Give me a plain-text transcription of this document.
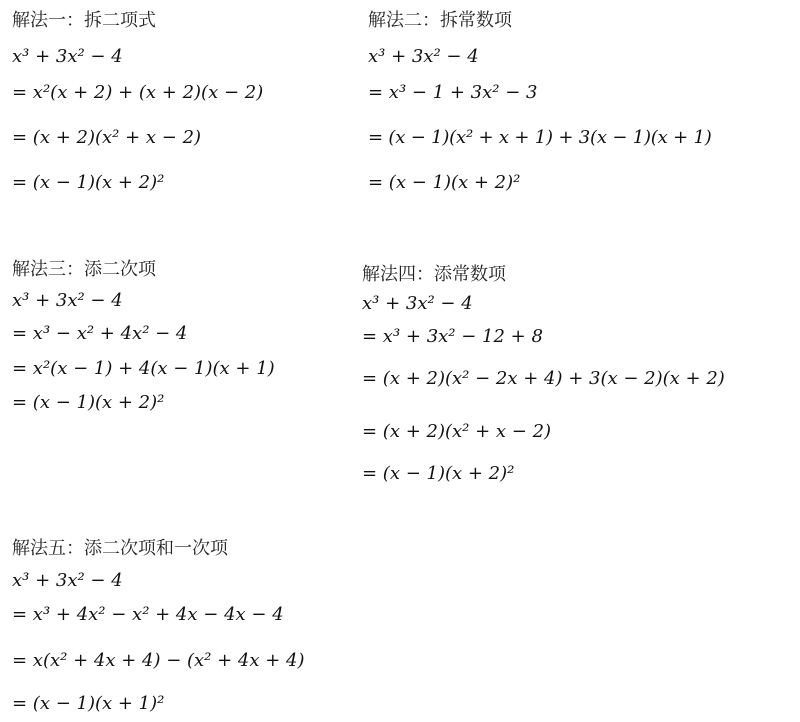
解法一：拆二项式
x³ + 3x² − 4
= x²(x + 2) + (x + 2)(x − 2)
= (x + 2)(x² + x − 2)
= (x − 1)(x + 2)²
解法二：拆常数项
x³ + 3x² − 4
= x³ − 1 + 3x² − 3
= (x − 1)(x² + x + 1) + 3(x − 1)(x + 1)
= (x − 1)(x + 2)²
解法三：添二次项
x³ + 3x² − 4
= x³ − x² + 4x² − 4
= x²(x − 1) + 4(x − 1)(x + 1)
= (x − 1)(x + 2)²
解法四：添常数项
x³ + 3x² − 4
= x³ + 3x² − 12 + 8
= (x + 2)(x² − 2x + 4) + 3(x − 2)(x + 2)
= (x + 2)(x² + x − 2)
= (x − 1)(x + 2)²
解法五：添二次项和一次项
x³ + 3x² − 4
= x³ + 4x² − x² + 4x − 4x − 4
= x(x² + 4x + 4) − (x² + 4x + 4)
= (x − 1)(x + 1)²
